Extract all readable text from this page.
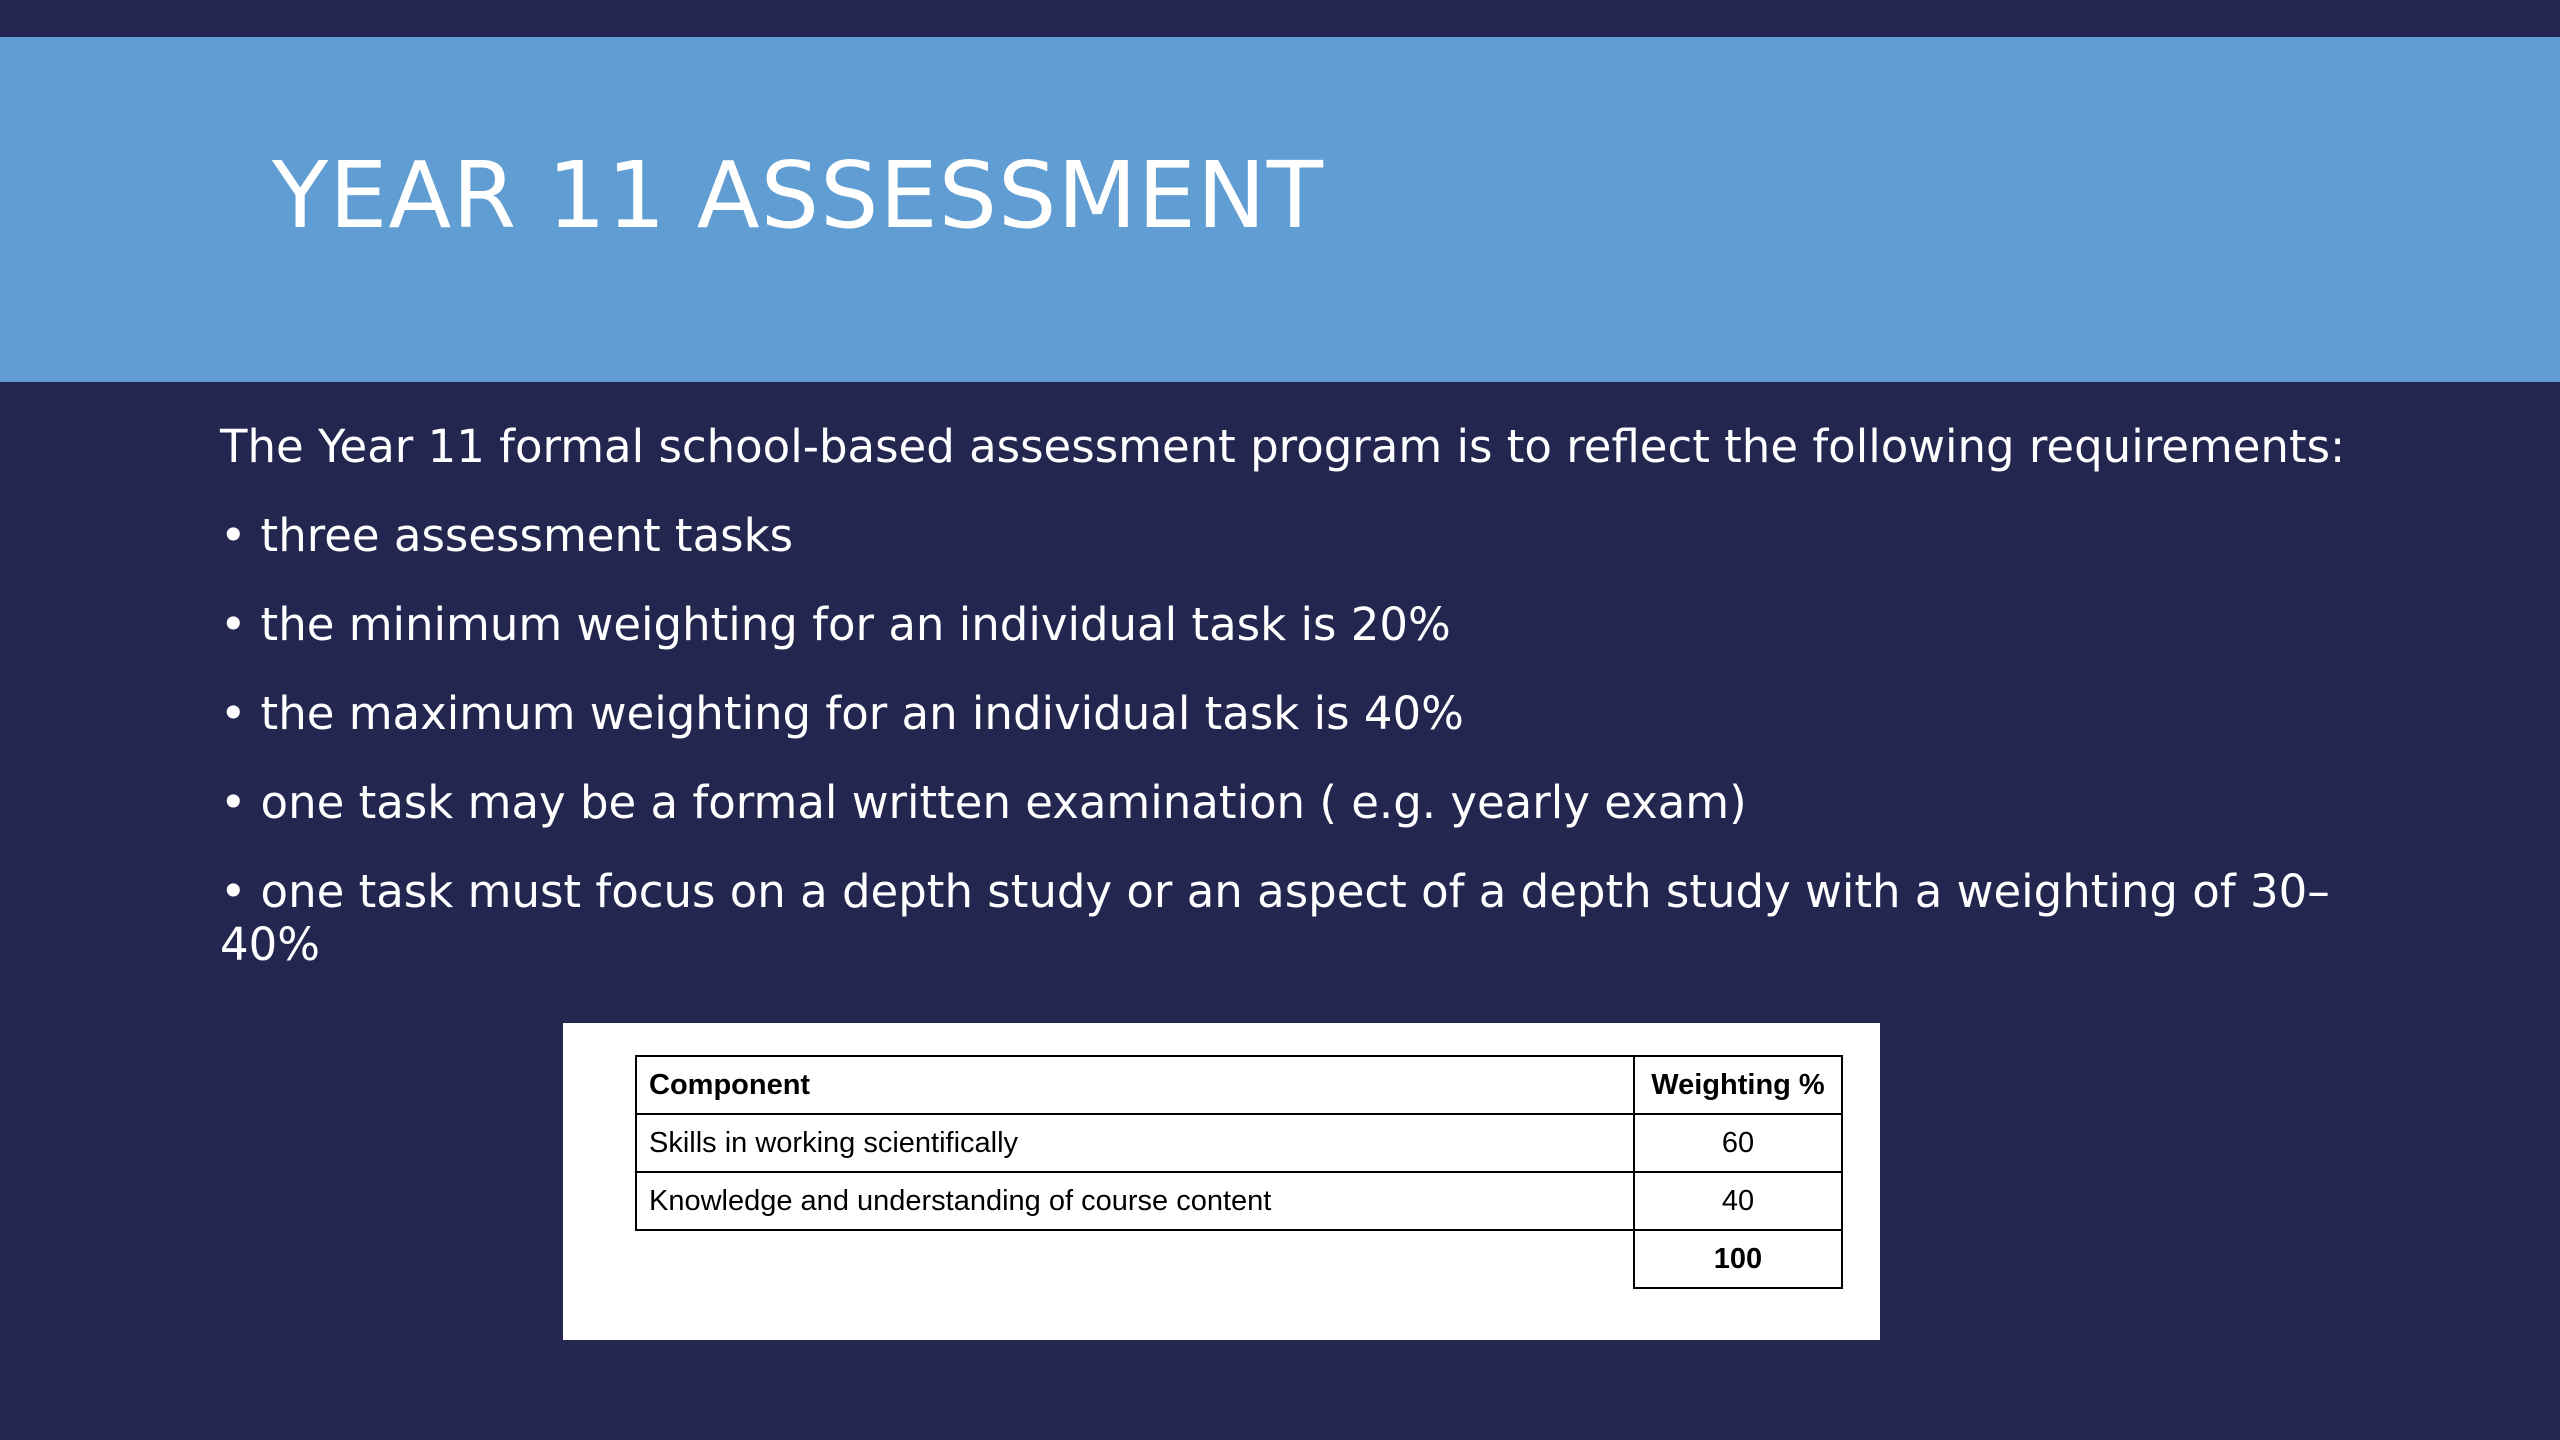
YEAR 11 ASSESSMENT

The Year 11 formal school-based assessment program is to reflect the following requirements:

• three assessment tasks
• the minimum weighting for an individual task is 20%
• the maximum weighting for an individual task is 40%
• one task may be a formal written examination ( e.g. yearly exam)
• one task must focus on a depth study or an aspect of a depth study with a weighting of 30–40%
Component	Weighting %
Skills in working scientifically	60
Knowledge and understanding of course content	40
	100
